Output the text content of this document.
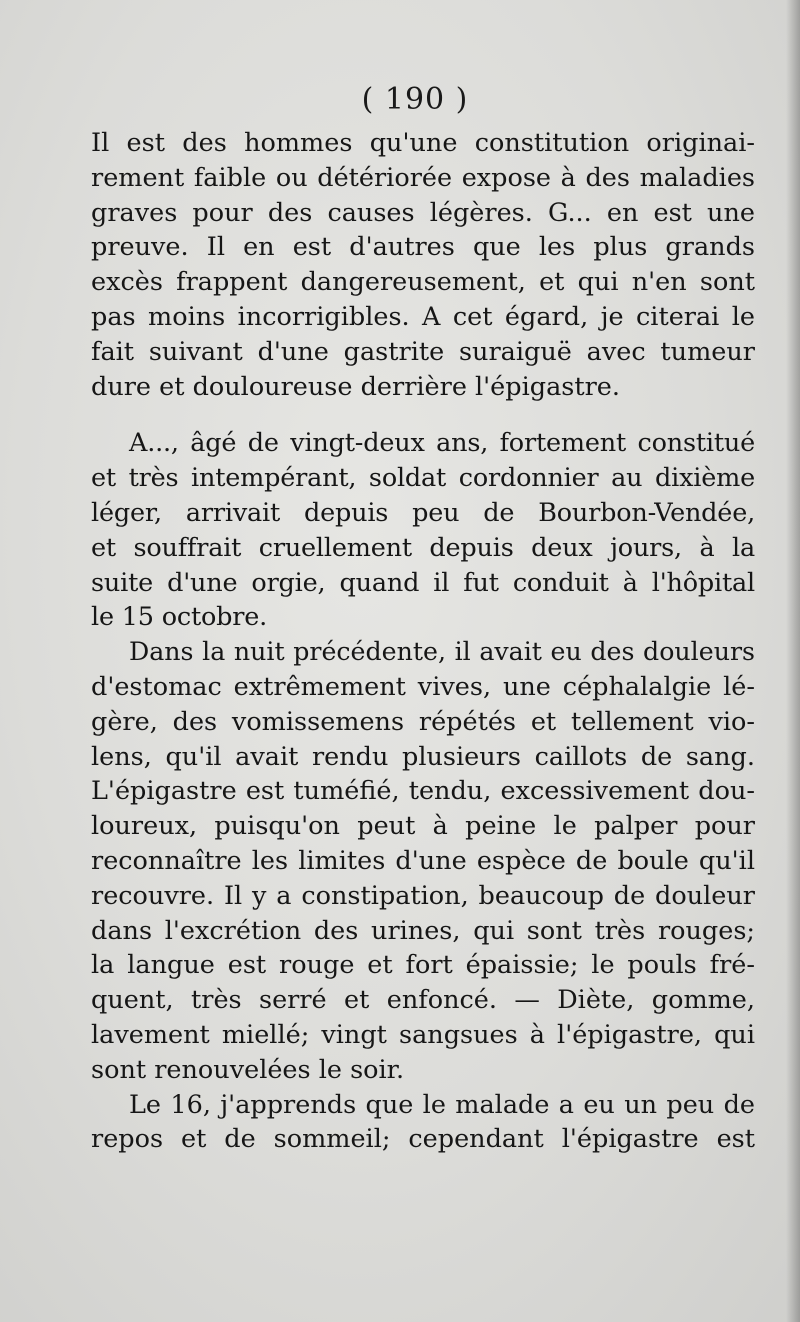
( 190 )
Il est des hommes qu'une constitution originai-
rement faible ou détériorée expose à des maladies
graves pour des causes légères. G... en est une
preuve. Il en est d'autres que les plus grands
excès frappent dangereusement, et qui n'en sont
pas moins incorrigibles. A cet égard, je citerai le
fait suivant d'une gastrite suraiguë avec tumeur
dure et douloureuse derrière l'épigastre.
A..., âgé de vingt-deux ans, fortement constitué
et très intempérant, soldat cordonnier au dixième
léger, arrivait depuis peu de Bourbon-Vendée,
et souffrait cruellement depuis deux jours, à la
suite d'une orgie, quand il fut conduit à l'hôpital
le 15 octobre.
Dans la nuit précédente, il avait eu des douleurs
d'estomac extrêmement vives, une céphalalgie lé-
gère, des vomissemens répétés et tellement vio-
lens, qu'il avait rendu plusieurs caillots de sang.
L'épigastre est tuméfié, tendu, excessivement dou-
loureux, puisqu'on peut à peine le palper pour
reconnaître les limites d'une espèce de boule qu'il
recouvre. Il y a constipation, beaucoup de douleur
dans l'excrétion des urines, qui sont très rouges;
la langue est rouge et fort épaissie; le pouls fré-
quent, très serré et enfoncé. — Diète, gomme,
lavement miellé; vingt sangsues à l'épigastre, qui
sont renouvelées le soir.
Le 16, j'apprends que le malade a eu un peu de
repos et de sommeil; cependant l'épigastre est
